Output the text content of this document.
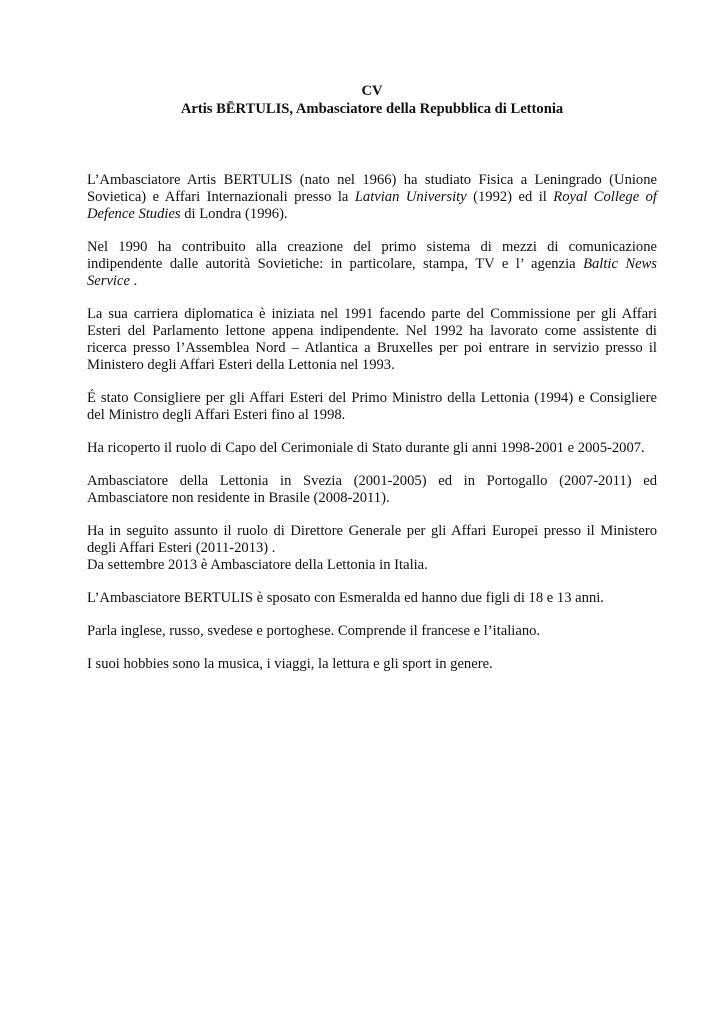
CV
Artis BĒRTULIS, Ambasciatore della Repubblica di Lettonia

L’Ambasciatore Artis BERTULIS (nato nel 1966) ha studiato Fisica a Leningrado (Unione Sovietica) e Affari Internazionali presso la Latvian University (1992) ed il Royal College of Defence Studies di Londra (1996).

Nel 1990 ha contribuito alla creazione del primo sistema di mezzi di comunicazione indipendente dalle autorità Sovietiche: in particolare, stampa, TV e l’ agenzia Baltic News Service .

La sua carriera diplomatica è iniziata nel 1991 facendo parte del Commissione per gli Affari Esteri del Parlamento lettone appena indipendente. Nel 1992 ha lavorato come assistente di ricerca presso l’Assemblea Nord – Atlantica a Bruxelles per poi entrare in servizio presso il Ministero degli Affari Esteri della Lettonia nel 1993.

É stato Consigliere per gli Affari Esteri del Primo Ministro della Lettonia (1994) e Consigliere del Ministro degli Affari Esteri fino al 1998.

Ha ricoperto il ruolo di Capo del Cerimoniale di Stato durante gli anni 1998-2001 e 2005-2007.

Ambasciatore della Lettonia in Svezia (2001-2005) ed in Portogallo (2007-2011) ed Ambasciatore non residente in Brasile (2008-2011).

Ha in seguito assunto il ruolo di Direttore Generale per gli Affari Europei presso il Ministero degli Affari Esteri (2011-2013) .

Da settembre 2013 è Ambasciatore della Lettonia in Italia.

L’Ambasciatore BERTULIS è sposato con Esmeralda ed hanno due figli di 18 e 13 anni.

Parla inglese, russo, svedese e portoghese. Comprende il francese e l’italiano.

I suoi hobbies sono la musica, i viaggi, la lettura e gli sport in genere.
